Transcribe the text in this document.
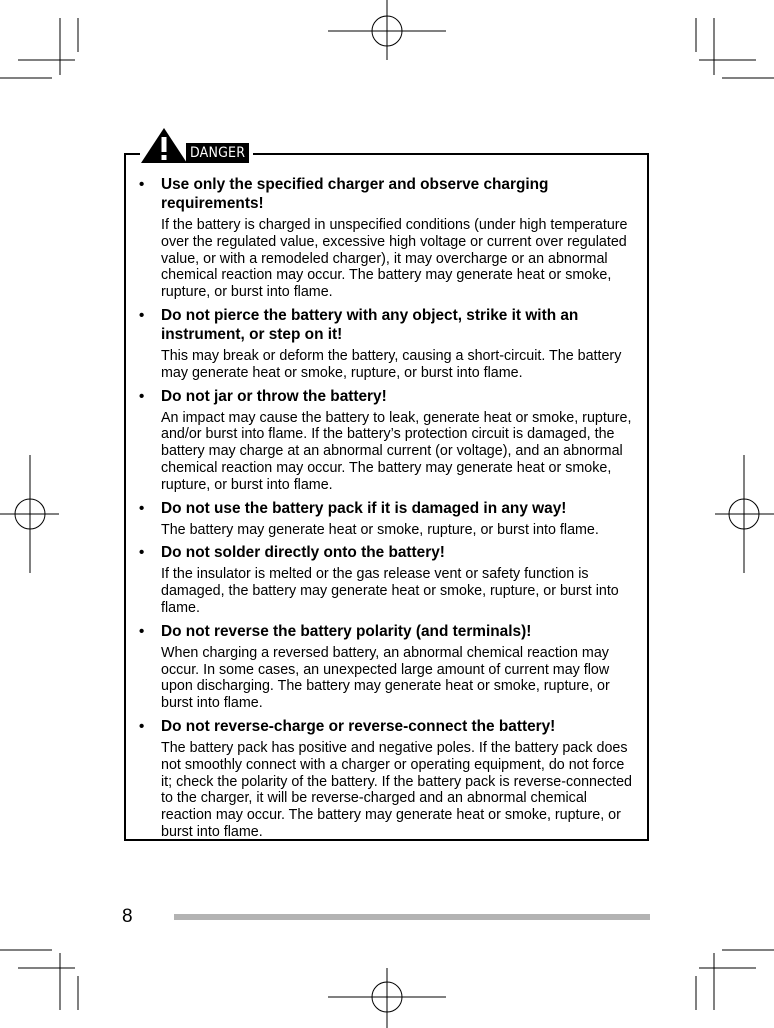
DANGER
• Use only the specified charger and observe charging requirements!
If the battery is charged in unspecified conditions (under high temperature over the regulated value, excessive high voltage or current over regulated value, or with a remodeled charger), it may overcharge or an abnormal chemical reaction may occur. The battery may generate heat or smoke, rupture, or burst into flame.
• Do not pierce the battery with any object, strike it with an instrument, or step on it!
This may break or deform the battery, causing a short-circuit. The battery may generate heat or smoke, rupture, or burst into flame.
• Do not jar or throw the battery!
An impact may cause the battery to leak, generate heat or smoke, rupture, and/or burst into flame. If the battery’s protection circuit is damaged, the battery may charge at an abnormal current (or voltage), and an abnormal chemical reaction may occur. The battery may generate heat or smoke, rupture, or burst into flame.
• Do not use the battery pack if it is damaged in any way!
The battery may generate heat or smoke, rupture, or burst into flame.
• Do not solder directly onto the battery!
If the insulator is melted or the gas release vent or safety function is damaged, the battery may generate heat or smoke, rupture, or burst into flame.
• Do not reverse the battery polarity (and terminals)!
When charging a reversed battery, an abnormal chemical reaction may occur. In some cases, an unexpected large amount of current may flow upon discharging. The battery may generate heat or smoke, rupture, or burst into flame.
• Do not reverse-charge or reverse-connect the battery!
The battery pack has positive and negative poles. If the battery pack does not smoothly connect with a charger or operating equipment, do not force it; check the polarity of the battery. If the battery pack is reverse-connected to the charger, it will be reverse-charged and an abnormal chemical reaction may occur. The battery may generate heat or smoke, rupture, or burst into flame.
8
